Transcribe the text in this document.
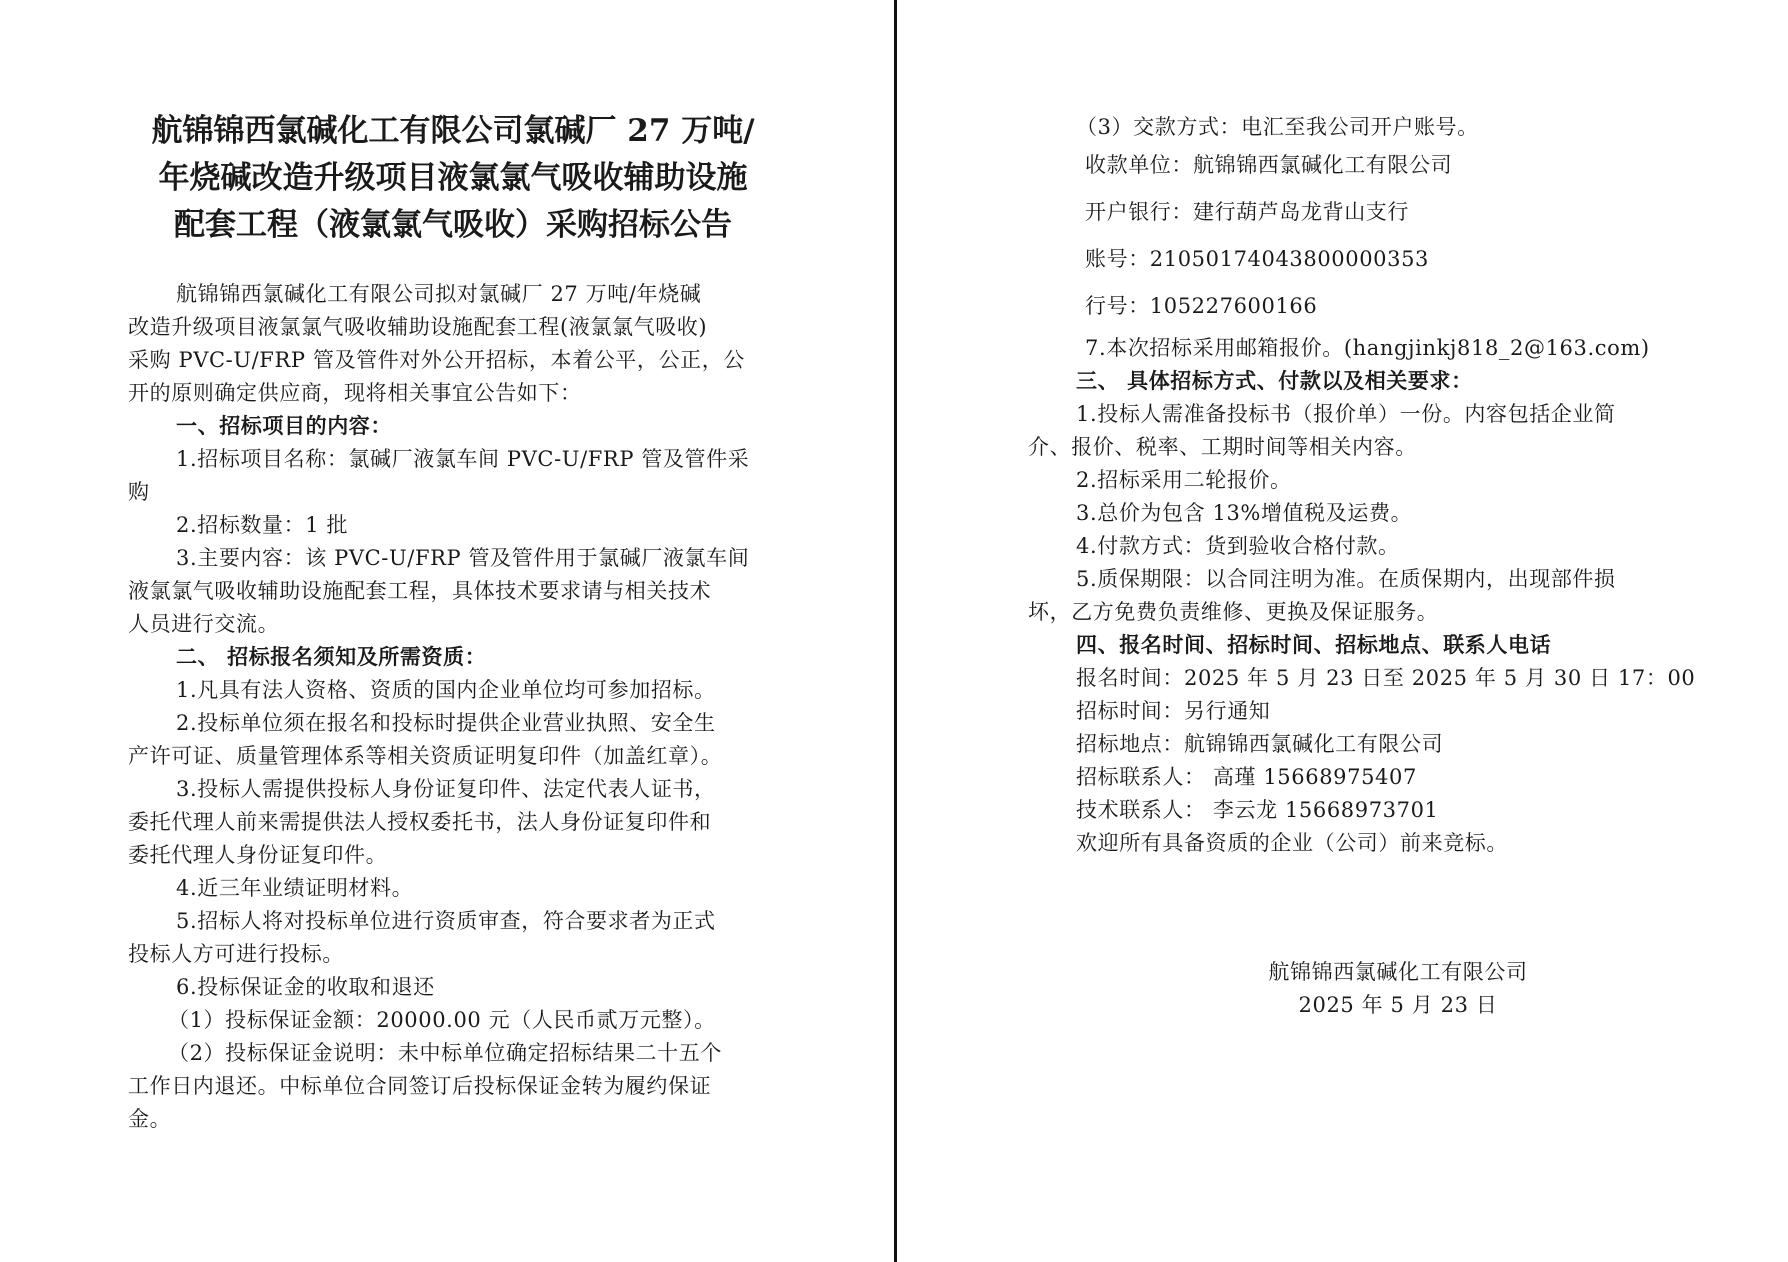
航锦锦西氯碱化工有限公司氯碱厂 27 万吨/
年烧碱改造升级项目液氯氯气吸收辅助设施
配套工程（液氯氯气吸收）采购招标公告
航锦锦西氯碱化工有限公司拟对氯碱厂 27 万吨/年烧碱
改造升级项目液氯氯气吸收辅助设施配套工程(液氯氯气吸收)
采购 PVC-U/FRP 管及管件对外公开招标，本着公平，公正，公
开的原则确定供应商，现将相关事宜公告如下：
一、招标项目的内容：
1.招标项目名称：氯碱厂液氯车间 PVC-U/FRP 管及管件采
购
2.招标数量：1 批
3.主要内容：该 PVC-U/FRP 管及管件用于氯碱厂液氯车间
液氯氯气吸收辅助设施配套工程，具体技术要求请与相关技术
人员进行交流。
二、 招标报名须知及所需资质：
1.凡具有法人资格、资质的国内企业单位均可参加招标。
2.投标单位须在报名和投标时提供企业营业执照、安全生
产许可证、质量管理体系等相关资质证明复印件（加盖红章）。
3.投标人需提供投标人身份证复印件、法定代表人证书，
委托代理人前来需提供法人授权委托书，法人身份证复印件和
委托代理人身份证复印件。
4.近三年业绩证明材料。
5.招标人将对投标单位进行资质审查，符合要求者为正式
投标人方可进行投标。
6.投标保证金的收取和退还
（1）投标保证金额：20000.00 元（人民币贰万元整）。
（2）投标保证金说明：未中标单位确定招标结果二十五个
工作日内退还。中标单位合同签订后投标保证金转为履约保证
金。
（3）交款方式：电汇至我公司开户账号。
收款单位：航锦锦西氯碱化工有限公司
开户银行：建行葫芦岛龙背山支行
账号：21050174043800000353
行号：105227600166
7.本次招标采用邮箱报价。(hangjinkj818_2@163.com)
三、 具体招标方式、付款以及相关要求：
1.投标人需准备投标书（报价单）一份。内容包括企业简
介、报价、税率、工期时间等相关内容。
2.招标采用二轮报价。
3.总价为包含 13%增值税及运费。
4.付款方式：货到验收合格付款。
5.质保期限：以合同注明为准。在质保期内，出现部件损
坏，乙方免费负责维修、更换及保证服务。
四、报名时间、招标时间、招标地点、联系人电话
报名时间：2025 年 5 月 23 日至 2025 年 5 月 30 日 17：00
招标时间：另行通知
招标地点：航锦锦西氯碱化工有限公司
招标联系人： 高瑾 15668975407
技术联系人： 李云龙 15668973701
欢迎所有具备资质的企业（公司）前来竞标。
航锦锦西氯碱化工有限公司
2025 年 5 月 23 日
